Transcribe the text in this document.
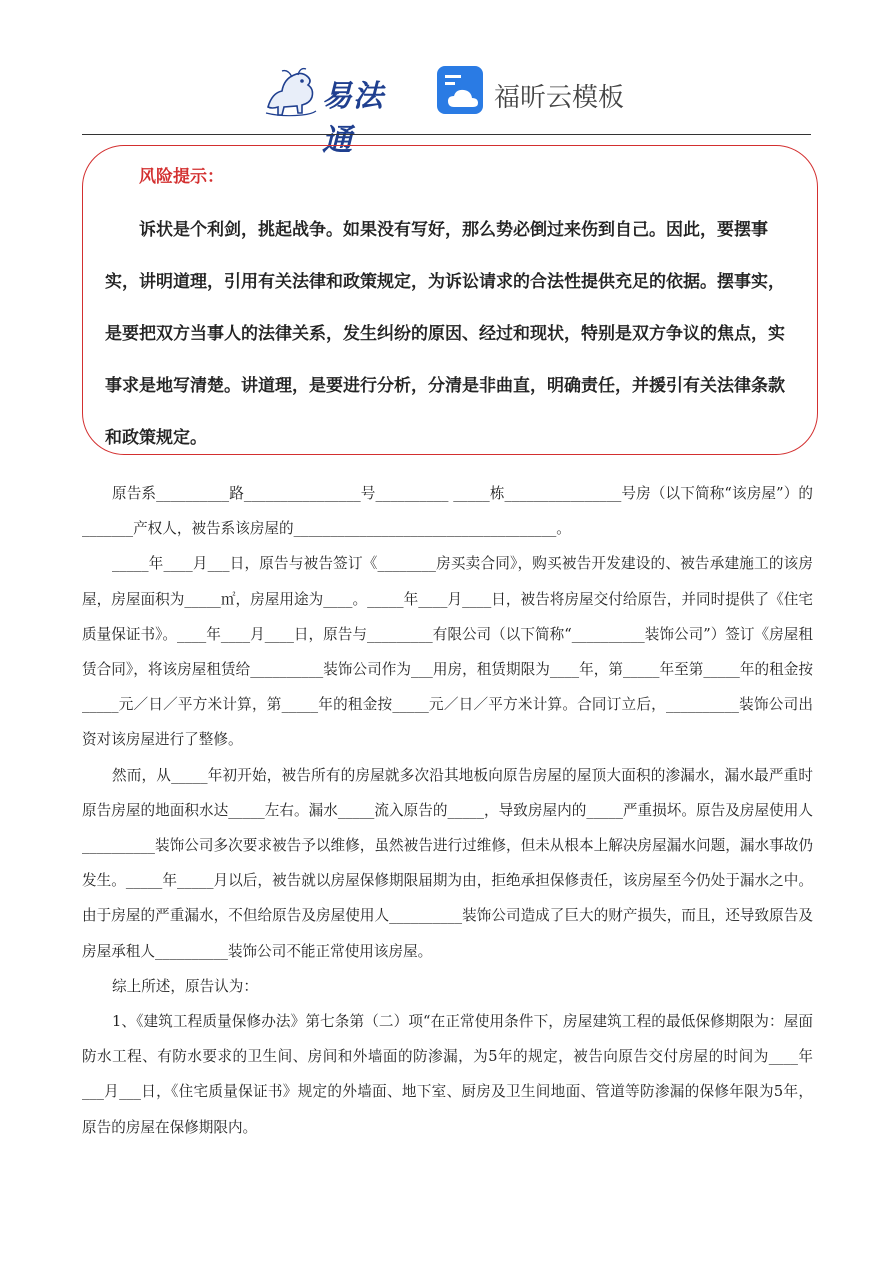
易法通
福昕云模板
风险提示：
诉状是个利剑，挑起战争。如果没有写好，那么势必倒过来伤到自己。因此，要摆事实，讲明道理，引用有关法律和政策规定，为诉讼请求的合法性提供充足的依据。摆事实，是要把双方当事人的法律关系，发生纠纷的原因、经过和现状，特别是双方争议的焦点，实事求是地写清楚。讲道理，是要进行分析，分清是非曲直，明确责任，并援引有关法律条款和政策规定。

原告系__________路________________号__________ _____栋________________号房（以下简称“该房屋”）的_______产权人，被告系该房屋的____________________________________。

_____年____月___日，原告与被告签订《________房买卖合同》，购买被告开发建设的、被告承建施工的该房屋，房屋面积为_____㎡，房屋用途为____。_____年____月____日，被告将房屋交付给原告，并同时提供了《住宅质量保证书》。____年____月____日，原告与_________有限公司（以下简称“__________装饰公司”）签订《房屋租赁合同》，将该房屋租赁给__________装饰公司作为___用房，租赁期限为____年，第_____年至第_____年的租金按_____元／日／平方米计算，第_____年的租金按_____元／日／平方米计算。合同订立后，__________装饰公司出资对该房屋进行了整修。

然而，从_____年初开始，被告所有的房屋就多次沿其地板向原告房屋的屋顶大面积的渗漏水，漏水最严重时原告房屋的地面积水达_____左右。漏水_____流入原告的_____，导致房屋内的_____严重损坏。原告及房屋使用人__________装饰公司多次要求被告予以维修，虽然被告进行过维修，但未从根本上解决房屋漏水问题，漏水事故仍发生。_____年_____月以后，被告就以房屋保修期限届期为由，拒绝承担保修责任，该房屋至今仍处于漏水之中。由于房屋的严重漏水，不但给原告及房屋使用人__________装饰公司造成了巨大的财产损失，而且，还导致原告及房屋承租人__________装饰公司不能正常使用该房屋。

综上所述，原告认为：

1、《建筑工程质量保修办法》第七条第（二）项“在正常使用条件下，房屋建筑工程的最低保修期限为：屋面防水工程、有防水要求的卫生间、房间和外墙面的防渗漏，为5年的规定，被告向原告交付房屋的时间为____年___月___日，《住宅质量保证书》规定的外墙面、地下室、厨房及卫生间地面、管道等防渗漏的保修年限为5年，原告的房屋在保修期限内。
